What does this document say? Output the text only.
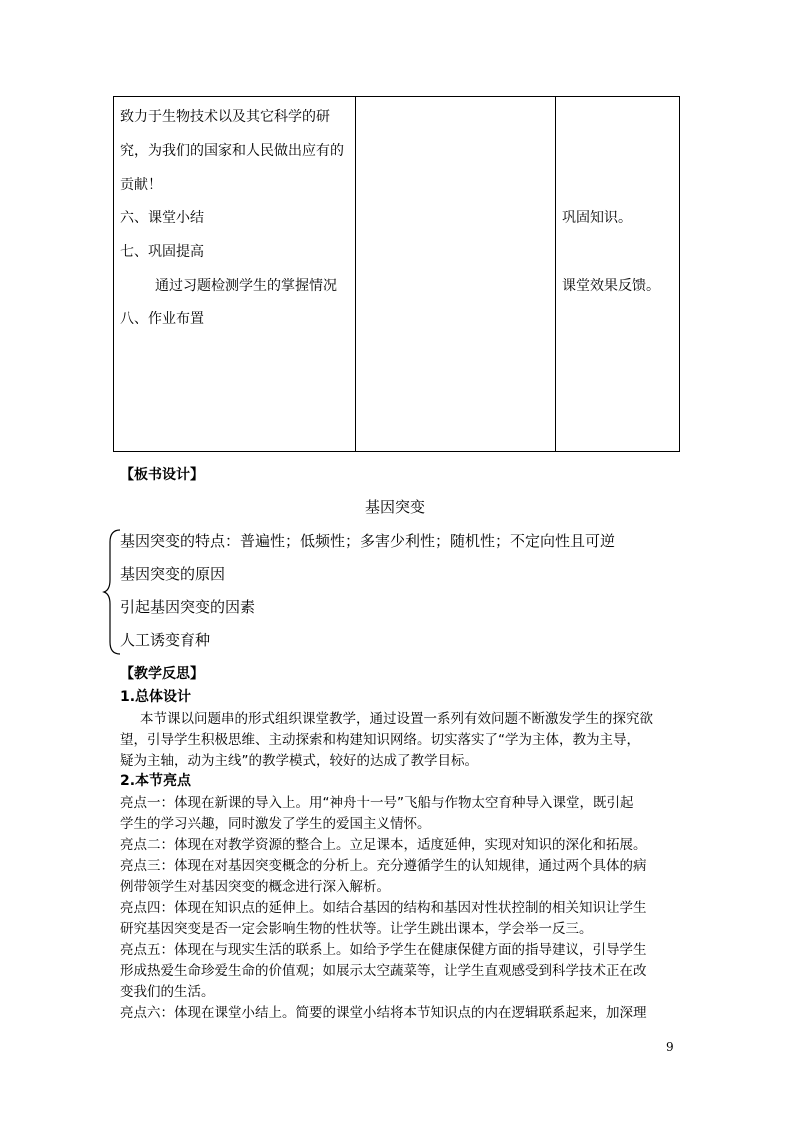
致力于生物技术以及其它科学的研
究，为我们的国家和人民做出应有的
贡献！
六、课堂小结
七、巩固提高
通过习题检测学生的掌握情况
八、作业布置
巩固知识。
课堂效果反馈。
【板书设计】
基因突变
基因突变的特点：普遍性；低频性；多害少利性；随机性；不定向性且可逆
基因突变的原因
引起基因突变的因素
人工诱变育种
【教学反思】
1.总体设计
本节课以问题串的形式组织课堂教学，通过设置一系列有效问题不断激发学生的探究欲
望，引导学生积极思维、主动探索和构建知识网络。切实落实了“学为主体，教为主导，
疑为主轴，动为主线”的教学模式，较好的达成了教学目标。
2.本节亮点
亮点一：体现在新课的导入上。用“神舟十一号”飞船与作物太空育种导入课堂，既引起
学生的学习兴趣，同时激发了学生的爱国主义情怀。
亮点二：体现在对教学资源的整合上。立足课本，适度延伸，实现对知识的深化和拓展。
亮点三：体现在对基因突变概念的分析上。充分遵循学生的认知规律，通过两个具体的病
例带领学生对基因突变的概念进行深入解析。
亮点四：体现在知识点的延伸上。如结合基因的结构和基因对性状控制的相关知识让学生
研究基因突变是否一定会影响生物的性状等。让学生跳出课本，学会举一反三。
亮点五：体现在与现实生活的联系上。如给予学生在健康保健方面的指导建议，引导学生
形成热爱生命珍爱生命的价值观；如展示太空蔬菜等，让学生直观感受到科学技术正在改
变我们的生活。
亮点六：体现在课堂小结上。简要的课堂小结将本节知识点的内在逻辑联系起来，加深理
9
